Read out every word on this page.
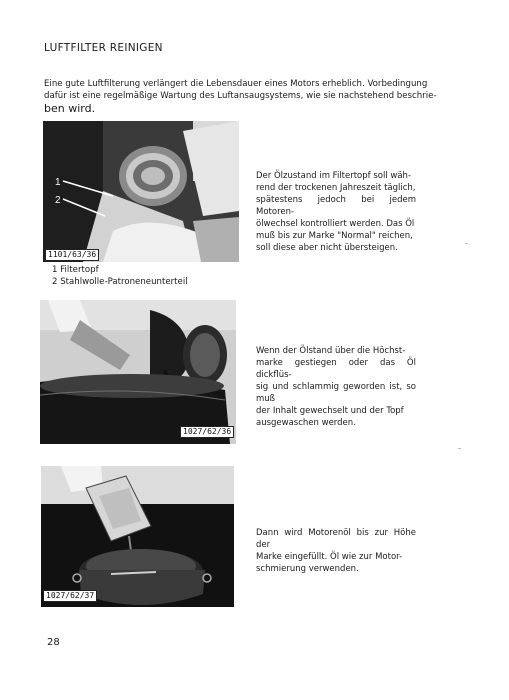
LUFTFILTER REINIGEN
Eine gute Luftfilterung verlängert die Lebensdauer eines Motors erheblich. Vorbedingung
dafür ist eine regelmäßige Wartung des Luftansaugsystems, wie sie nachstehend beschrie-
ben wird.
1
2
1101/63/36
1 Filtertopf
2 Stahlwolle-Patroneneunterteil
Der Ölzustand im Filtertopf soll wäh-
rend der trockenen Jahreszeit täglich,
spätestens jedoch bei jedem Motoren-
ölwechsel kontrolliert werden. Das Öl
muß bis zur Marke "Normal" reichen,
soll diese aber nicht übersteigen.
1027/62/36
Wenn der Ölstand über die Höchst-
marke gestiegen oder das Öl dickflüs-
sig und schlammig geworden ist, so muß
der Inhalt gewechselt und der Topf
ausgewaschen werden.
1027/62/37
Dann wird Motorenöl bis zur Höhe der
Marke eingefüllt. Öl wie zur Motor-
schmierung verwenden.
28
